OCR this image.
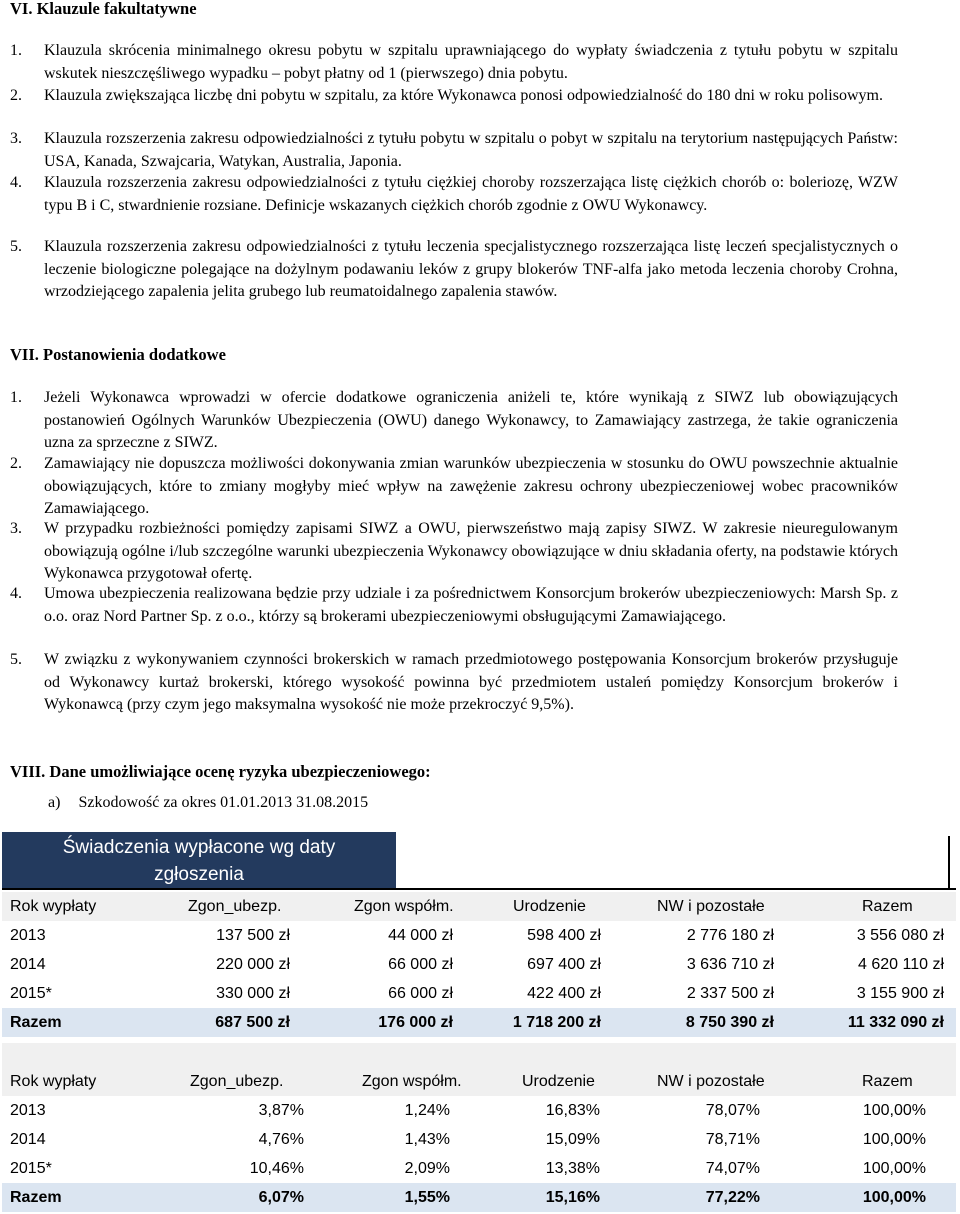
VI. Klauzule fakultatywne
1. Klauzula skrócenia minimalnego okresu pobytu w szpitalu uprawniającego do wypłaty świadczenia z tytułu pobytu w szpitalu wskutek nieszczęśliwego wypadku – pobyt płatny od 1 (pierwszego) dnia pobytu.
2. Klauzula zwiększająca liczbę dni pobytu w szpitalu, za które Wykonawca ponosi odpowiedzialność do 180 dni w roku polisowym.
3. Klauzula rozszerzenia zakresu odpowiedzialności z tytułu pobytu w szpitalu o pobyt w szpitalu na terytorium następujących Państw: USA, Kanada, Szwajcaria, Watykan, Australia, Japonia.
4. Klauzula rozszerzenia zakresu odpowiedzialności z tytułu ciężkiej choroby rozszerzająca listę ciężkich chorób o: boleriozę, WZW typu B i C, stwardnienie rozsiane. Definicje wskazanych ciężkich chorób zgodnie z OWU Wykonawcy.
5. Klauzula rozszerzenia zakresu odpowiedzialności z tytułu leczenia specjalistycznego rozszerzająca listę leczeń specjalistycznych o leczenie biologiczne polegające na dożylnym podawaniu leków z grupy blokerów TNF-alfa jako metoda leczenia choroby Crohna, wrzodziejącego zapalenia jelita grubego lub reumatoidalnego zapalenia stawów.
VII. Postanowienia dodatkowe
1. Jeżeli Wykonawca wprowadzi w ofercie dodatkowe ograniczenia aniżeli te, które wynikają z SIWZ lub obowiązujących postanowień Ogólnych Warunków Ubezpieczenia (OWU) danego Wykonawcy, to Zamawiający zastrzega, że takie ograniczenia uzna za sprzeczne z SIWZ.
2. Zamawiający nie dopuszcza możliwości dokonywania zmian warunków ubezpieczenia w stosunku do OWU powszechnie aktualnie obowiązujących, które to zmiany mogłyby mieć wpływ na zawężenie zakresu ochrony ubezpieczeniowej wobec pracowników Zamawiającego.
3. W przypadku rozbieżności pomiędzy zapisami SIWZ a OWU, pierwszeństwo mają zapisy SIWZ. W zakresie nieuregulowanym obowiązują ogólne i/lub szczególne warunki ubezpieczenia Wykonawcy obowiązujące w dniu składania oferty, na podstawie których Wykonawca przygotował ofertę.
4. Umowa ubezpieczenia realizowana będzie przy udziale i za pośrednictwem Konsorcjum brokerów ubezpieczeniowych: Marsh Sp. z o.o. oraz Nord Partner Sp. z o.o., którzy są brokerami ubezpieczeniowymi obsługującymi Zamawiającego.
5. W związku z wykonywaniem czynności brokerskich w ramach przedmiotowego postępowania Konsorcjum brokerów przysługuje od Wykonawcy kurtaż brokerski, którego wysokość powinna być przedmiotem ustaleń pomiędzy Konsorcjum brokerów i Wykonawcą (przy czym jego maksymalna wysokość nie może przekroczyć 9,5%).
VIII. Dane umożliwiające ocenę ryzyka ubezpieczeniowego:
a) Szkodowość za okres 01.01.2013 31.08.2015
Świadczenia wypłacone wg daty
zgłoszenia
Rok wypłaty	Zgon_ubezp.	Zgon współm.	Urodzenie	NW i pozostałe	Razem
2013	137 500 zł	44 000 zł	598 400 zł	2 776 180 zł	3 556 080 zł
2014	220 000 zł	66 000 zł	697 400 zł	3 636 710 zł	4 620 110 zł
2015*	330 000 zł	66 000 zł	422 400 zł	2 337 500 zł	3 155 900 zł
Razem	687 500 zł	176 000 zł	1 718 200 zł	8 750 390 zł	11 332 090 zł
Rok wypłaty	Zgon_ubezp.	Zgon współm.	Urodzenie	NW i pozostałe	Razem
2013	3,87%	1,24%	16,83%	78,07%	100,00%
2014	4,76%	1,43%	15,09%	78,71%	100,00%
2015*	10,46%	2,09%	13,38%	74,07%	100,00%
Razem	6,07%	1,55%	15,16%	77,22%	100,00%
